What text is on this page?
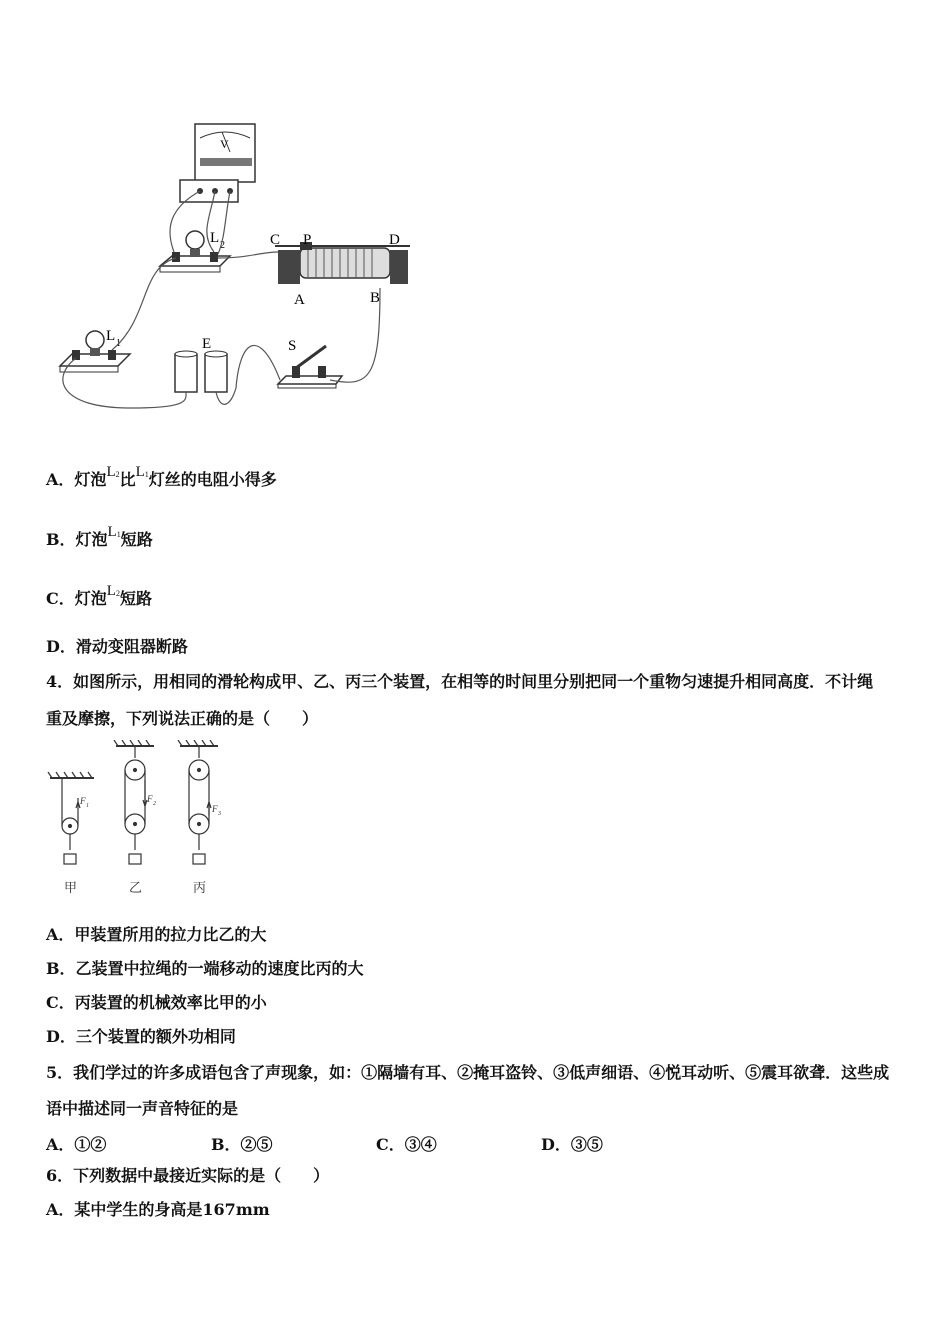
V
L 2	C P	D
A	B
L 1	E	S
A．灯泡$L^2$比$L^1$灯丝的电阻小得多
B．灯泡$L^1$短路
C．灯泡$L^2$短路
D．滑动变阻器断路
4．如图所示，用相同的滑轮构成甲、乙、丙三个装置，在相等的时间里分别把同一个重物匀速提升相同高度．不计绳
重及摩擦，下列说法正确的是（　　）
F 1
F 2	F 3
甲	乙	丙
A．甲装置所用的拉力比乙的大
B．乙装置中拉绳的一端移动的速度比丙的大
C．丙装置的机械效率比甲的小
D．三个装置的额外功相同
5．我们学过的许多成语包含了声现象，如：①隔墙有耳、②掩耳盗铃、③低声细语、④悦耳动听、⑤震耳欲聋．这些成
语中描述同一声音特征的是
A．①②	B．②⑤	C．③④	D．③⑤
6．下列数据中最接近实际的是（　　）
A．某中学生的身高是167mm
